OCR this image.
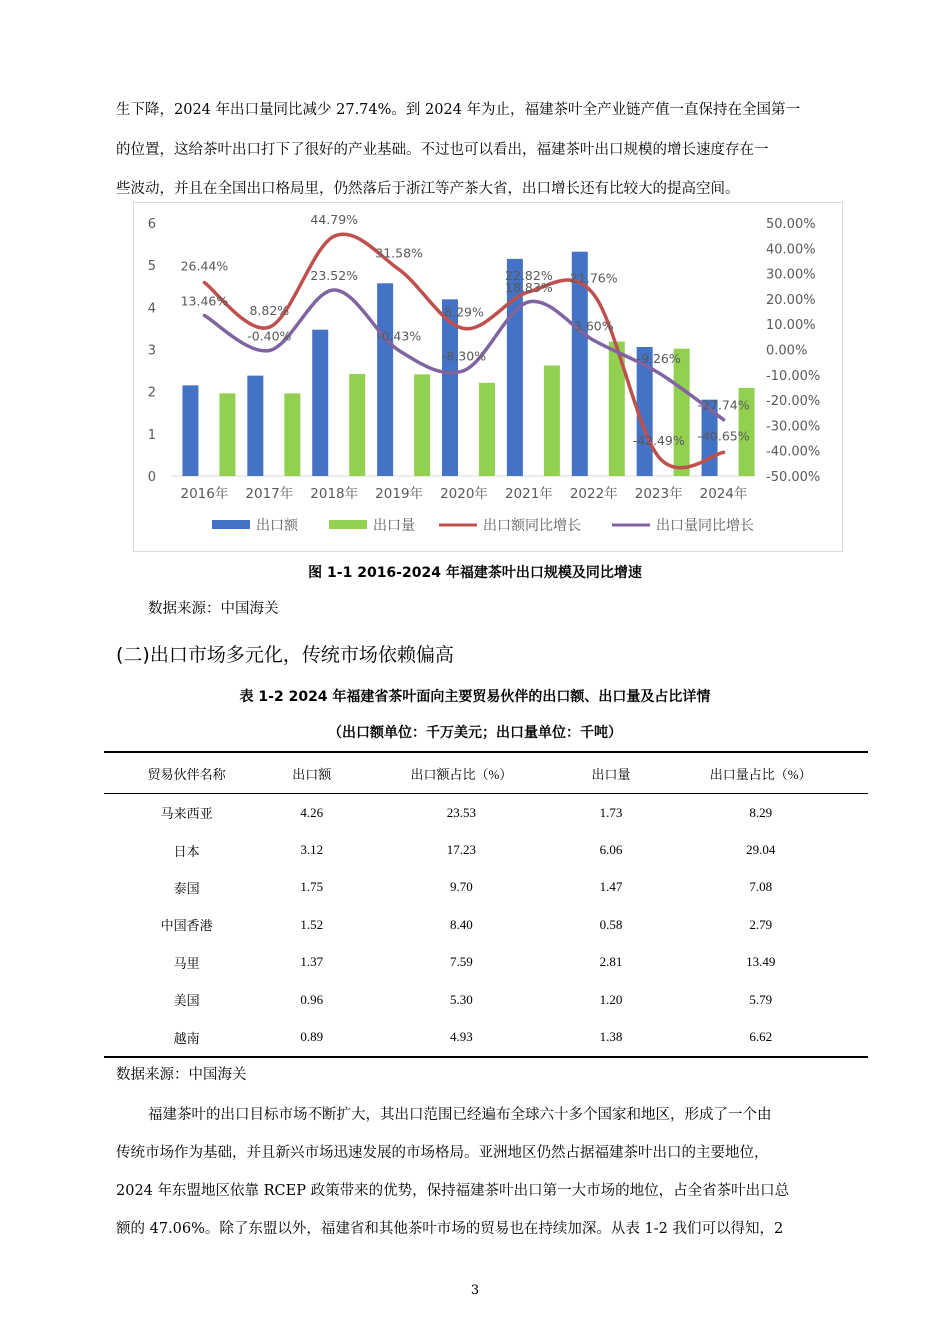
生下降，2024 年出口量同比减少 27.74%。到 2024 年为止，福建茶叶全产业链产值一直保持在全国第一
的位置，这给茶叶出口打下了很好的产业基础。不过也可以看出，福建茶叶出口规模的增长速度存在一
些波动，并且在全国出口格局里，仍然落后于浙江等产茶大省，出口增长还有比较大的提高空间。
0
1
2
3
4
5
6	50.00%
40.00%
30.00%
20.00%
10.00%
0.00%
-10.00%
-20.00%
-30.00%
-40.00%
-50.00%
26.44%
8.82%
44.79%
31.58%
8.29%
22.82% 21.76%
-42.49% -40.65%
13.46%
-0.40%
23.52%
-0.43%
-8.30%
18.83%
3.60%
-9.26%
-27.74%
2016年 2017年 2018年 2019年 2020年 2021年 2022年 2023年 2024年
出口额	出口量	出口额同比增长	出口量同比增长
图 1-1 2016-2024 年福建茶叶出口规模及同比增速
数据来源：中国海关
(二)出口市场多元化，传统市场依赖偏高
表 1-2 2024 年福建省茶叶面向主要贸易伙伴的出口额、出口量及占比详情
（出口额单位：千万美元；出口量单位：千吨）
贸易伙伴名称	出口额	出口额占比（%）	出口量	出口量占比（%）
马来西亚	4.26	23.53	1.73	8.29
日本	3.12	17.23	6.06	29.04
泰国	1.75	9.70	1.47	7.08
中国香港	1.52	8.40	0.58	2.79
马里	1.37	7.59	2.81	13.49
美国	0.96	5.30	1.20	5.79
越南	0.89	4.93	1.38	6.62
数据来源：中国海关
福建茶叶的出口目标市场不断扩大，其出口范围已经遍布全球六十多个国家和地区，形成了一个由
传统市场作为基础，并且新兴市场迅速发展的市场格局。亚洲地区仍然占据福建茶叶出口的主要地位，
2024 年东盟地区依靠 RCEP 政策带来的优势，保持福建茶叶出口第一大市场的地位，占全省茶叶出口总
额的 47.06%。除了东盟以外，福建省和其他茶叶市场的贸易也在持续加深。从表 1-2 我们可以得知，2
3
